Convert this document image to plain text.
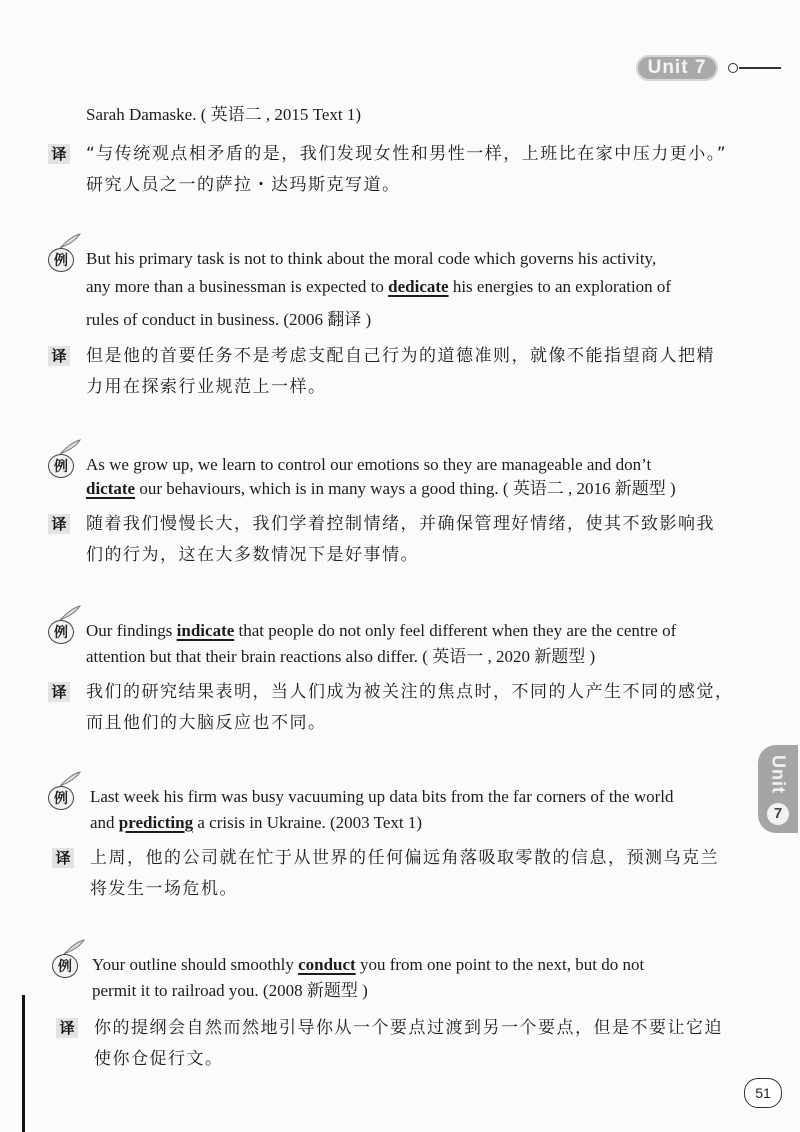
Unit 7
Unit
7
Sarah Damaske. ( 英语二 , 2015 Text 1)
译 “与传统观点相矛盾的是，我们发现女性和男性一样，上班比在家中压力更小。”
研究人员之一的萨拉・达玛斯克写道。
例	But his primary task is not to think about the moral code which governs his activity,
any more than a businessman is expected to dedicate his energies to an exploration of
rules of conduct in business. (2006 翻译 )
译 但是他的首要任务不是考虑支配自己行为的道德准则，就像不能指望商人把精
力用在探索行业规范上一样。
例	As we grow up, we learn to control our emotions so they are manageable and don’t
dictate our behaviours, which is in many ways a good thing. ( 英语二 , 2016 新题型 )
译 随着我们慢慢长大，我们学着控制情绪，并确保管理好情绪，使其不致影响我
们的行为，这在大多数情况下是好事情。
例	Our findings indicate that people do not only feel different when they are the centre of
attention but that their brain reactions also differ. ( 英语一 , 2020 新题型 )
译 我们的研究结果表明，当人们成为被关注的焦点时，不同的人产生不同的感觉，
而且他们的大脑反应也不同。
例	Last week his firm was busy vacuuming up data bits from the far corners of the world
and predicting a crisis in Ukraine. (2003 Text 1)
译 上周，他的公司就在忙于从世界的任何偏远角落吸取零散的信息，预测乌克兰
将发生一场危机。
例	Your outline should smoothly conduct you from one point to the next, but do not
permit it to railroad you. (2008 新题型 )
译 你的提纲会自然而然地引导你从一个要点过渡到另一个要点，但是不要让它迫
使你仓促行文。
51
